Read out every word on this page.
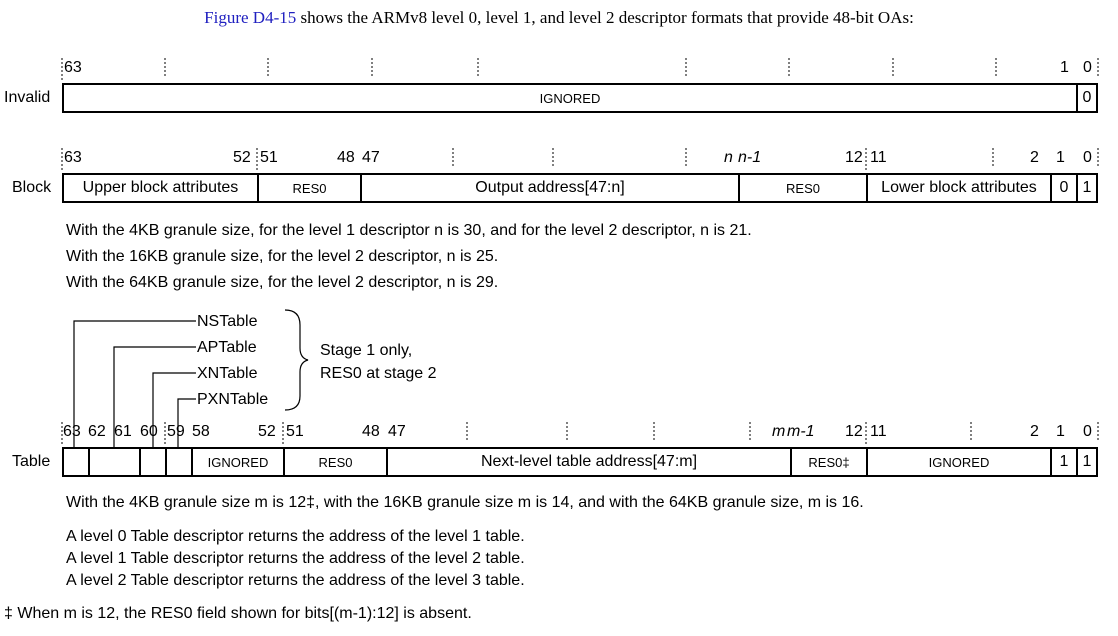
Figure D4-15 shows the ARMv8 level 0, level 1, and level 2 descriptor formats that provide 48-bit OAs:
Invalid
63	1 0
IGNORED	0
Block
63	52 51	48 47	n n-1	12 11	2 1 0
Upper block attributes	RES0	Output address[47:n]	RES0	Lower block attributes	0 1
With the 4KB granule size, for the level 1 descriptor n is 30, and for the level 2 descriptor, n is 21.
With the 16KB granule size, for the level 2 descriptor, n is 25.
With the 64KB granule size, for the level 2 descriptor, n is 29.
NSTable
APTable
XNTable
PXNTable
Stage 1 only,
RES0 at stage 2
Table
63 62 61 60 59 58	52 51	48 47	m m-1 12 11	2 1 0
IGNORED	RES0	Next-level table address[47:m]	RES0‡	IGNORED	1 1
With the 4KB granule size m is 12‡, with the 16KB granule size m is 14, and with the 64KB granule size, m is 16.
A level 0 Table descriptor returns the address of the level 1 table.
A level 1 Table descriptor returns the address of the level 2 table.
A level 2 Table descriptor returns the address of the level 3 table.
‡ When m is 12, the RES0 field shown for bits[(m-1):12] is absent.
